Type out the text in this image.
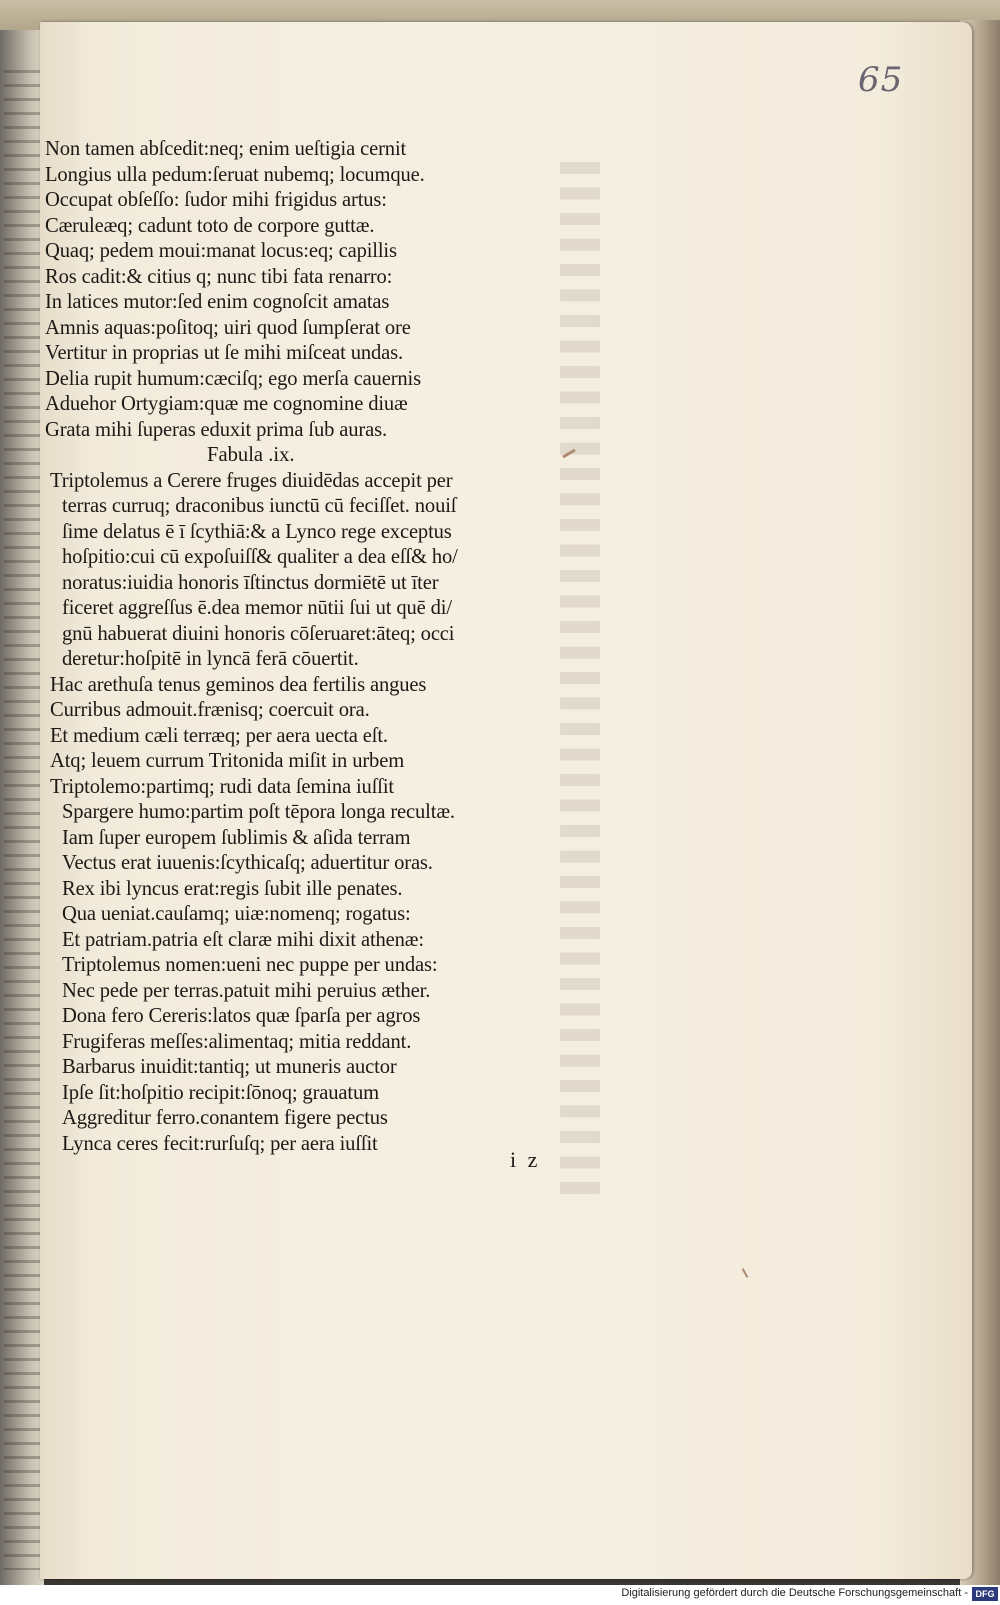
65
Non tamen abſcedit:neq; enim ueſtigia cernit
Longius ulla pedum:ſeruat nubemq; locumque.
Occupat obſeſſo: ſudor mihi frigidus artus:
Cæruleæq; cadunt toto de corpore guttæ.
Quaq; pedem moui:manat locus:eq; capillis
Ros cadit:& citius q; nunc tibi fata renarro:
In latices mutor:ſed enim cognoſcit amatas
Amnis aquas:poſitoq; uiri quod ſumpſerat ore
Vertitur in proprias ut ſe mihi miſceat undas.
Delia rupit humum:cæciſq; ego merſa cauernis
Aduehor Ortygiam:quæ me cognomine diuæ
Grata mihi ſuperas eduxit prima ſub auras.
Fabula .ix.
Triptolemus a Cerere fruges diuidēdas accepit per
terras curruq; draconibus iunctū cū feciſſet. nouiſ
ſime delatus ē ī ſcythiā:& a Lynco rege exceptus
hoſpitio:cui cū expoſuiſſ& qualiter a dea eſſ& ho/
noratus:iuidia honoris īſtinctus dormiētē ut īter
ficeret aggreſſus ē.dea memor nūtii ſui ut quē di/
gnū habuerat diuini honoris cōſeruaret:āteq; occi
deretur:hoſpitē in lyncā ferā cōuertit.
Hac arethuſa tenus geminos dea fertilis angues
Curribus admouit.frænisq; coercuit ora.
Et medium cæli terræq; per aera uecta eſt.
Atq; leuem currum Tritonida miſit in urbem
Triptolemo:partimq; rudi data ſemina iuſſit
Spargere humo:partim poſt tēpora longa recultæ.
Iam ſuper europem ſublimis & aſida terram
Vectus erat iuuenis:ſcythicaſq; aduertitur oras.
Rex ibi lyncus erat:regis ſubit ille penates.
Qua ueniat.cauſamq; uiæ:nomenq; rogatus:
Et patriam.patria eſt claræ mihi dixit athenæ:
Triptolemus nomen:ueni nec puppe per undas:
Nec pede per terras.patuit mihi peruius æther.
Dona fero Cereris:latos quæ ſparſa per agros
Frugiferas meſſes:alimentaq; mitia reddant.
Barbarus inuidit:tantiq; ut muneris auctor
Ipſe ſit:hoſpitio recipit:ſōnoq; grauatum
Aggreditur ferro.conantem figere pectus
Lynca ceres fecit:rurſuſq; per aera iuſſit
i z
Digitalisierung gefördert durch die Deutsche Forschungsgemeinschaft - DFG
